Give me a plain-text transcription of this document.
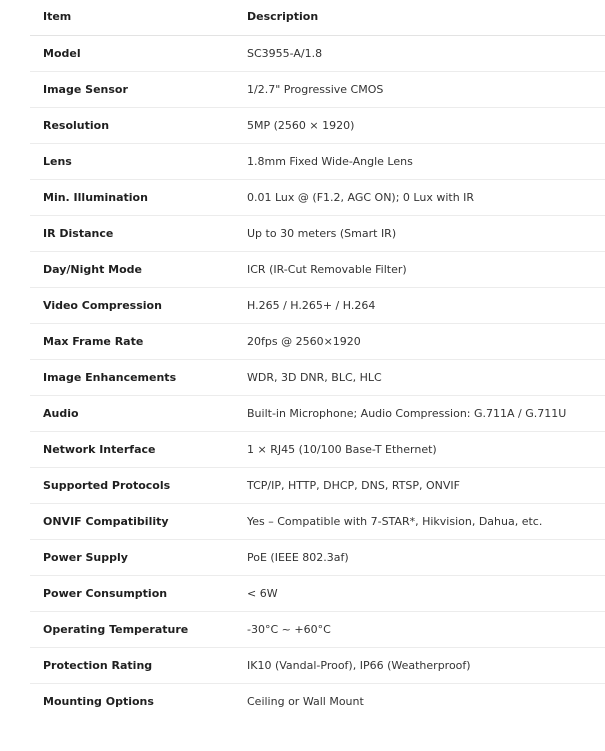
Item	Description
Model	SC3955-A/1.8
Image Sensor	1/2.7" Progressive CMOS
Resolution	5MP (2560 × 1920)
Lens	1.8mm Fixed Wide-Angle Lens
Min. Illumination	0.01 Lux @ (F1.2, AGC ON); 0 Lux with IR
IR Distance	Up to 30 meters (Smart IR)
Day/Night Mode	ICR (IR-Cut Removable Filter)
Video Compression	H.265 / H.265+ / H.264
Max Frame Rate	20fps @ 2560×1920
Image Enhancements	WDR, 3D DNR, BLC, HLC
Audio	Built-in Microphone; Audio Compression: G.711A / G.711U
Network Interface	1 × RJ45 (10/100 Base-T Ethernet)
Supported Protocols	TCP/IP, HTTP, DHCP, DNS, RTSP, ONVIF
ONVIF Compatibility	Yes – Compatible with 7-STAR*, Hikvision, Dahua, etc.
Power Supply	PoE (IEEE 802.3af)
Power Consumption	< 6W
Operating Temperature	-30°C ~ +60°C
Protection Rating	IK10 (Vandal-Proof), IP66 (Weatherproof)
Mounting Options	Ceiling or Wall Mount
